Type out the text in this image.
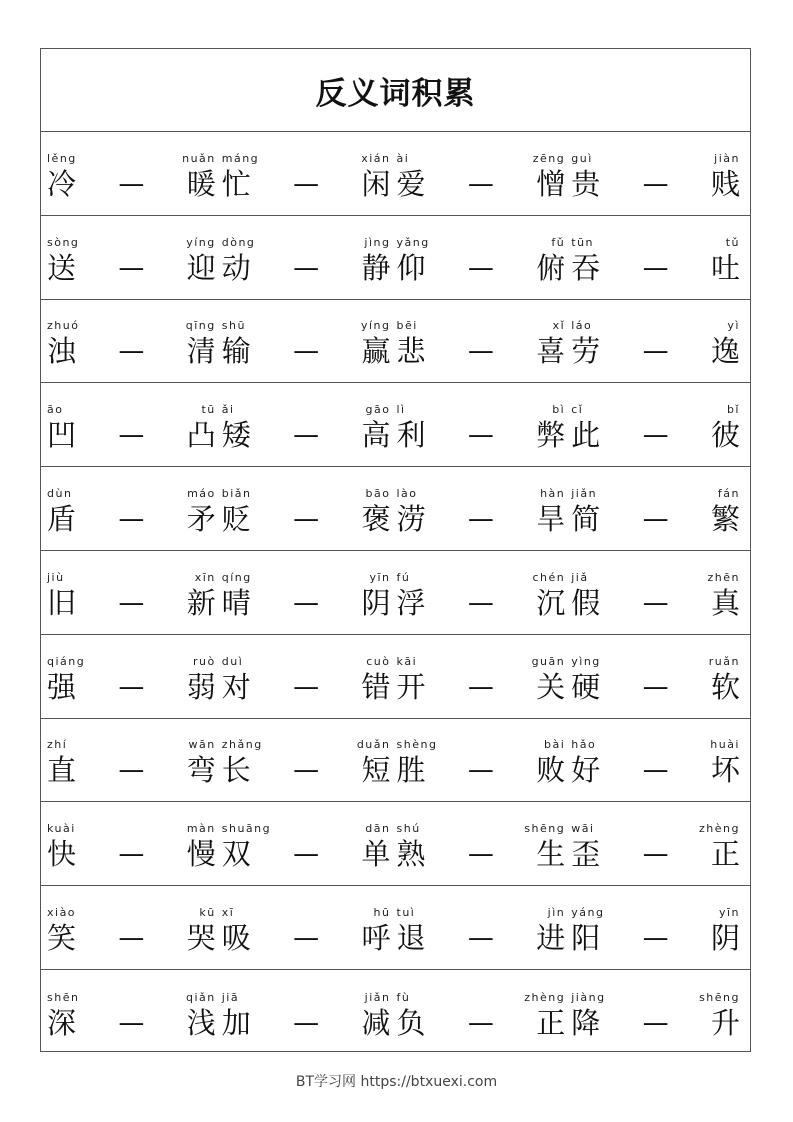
反义词积累
lěng
冷 —
nuǎn
暖
máng
忙 —
xián
闲
ài
爱 —
zēng
憎
guì
贵 —
jiàn
贱
sòng
送 —
yíng
迎
dòng
动 —
jìng
静
yǎng
仰 —
fǔ
俯
tūn
吞 —
tǔ
吐
zhuó
浊 —
qīng
清
shū
输 —
yíng
赢
bēi
悲 —
xǐ
喜
láo
劳 —
yì
逸
āo
凹 —
tū
凸
ǎi
矮 —
gāo
高
lì
利 —
bì
弊
cǐ
此 —
bǐ
彼
dùn
盾 —
máo
矛
biǎn
贬 —
bāo
褒
lào
涝 —
hàn
旱
jiǎn
简 —
fán
繁
jiù
旧 —
xīn
新
qíng
晴 —
yīn
阴
fú
浮 —
chén
沉
jiǎ
假 —
zhēn
真
qiáng
强 —
ruò
弱
duì
对 —
cuò
错
kāi
开 —
guān
关
yìng
硬 —
ruǎn
软
zhí
直 —
wān
弯
zhǎng
长 —
duǎn
短
shèng
胜 —
bài
败
hǎo
好 —
huài
坏
kuài
快 —
màn
慢
shuāng
双 —
dān
单
shú
熟 —
shēng
生
wāi
歪 —
zhèng
正
xiào
笑 —
kū
哭
xī
吸 —
hū
呼
tuì
退 —
jìn
进
yáng
阳 —
yīn
阴
shēn
深 —
qiǎn
浅
jiā
加 —
jiǎn
减
fù
负 —
zhèng
正
jiàng
降 —
shēng
升
BT学习网 https://btxuexi.com
